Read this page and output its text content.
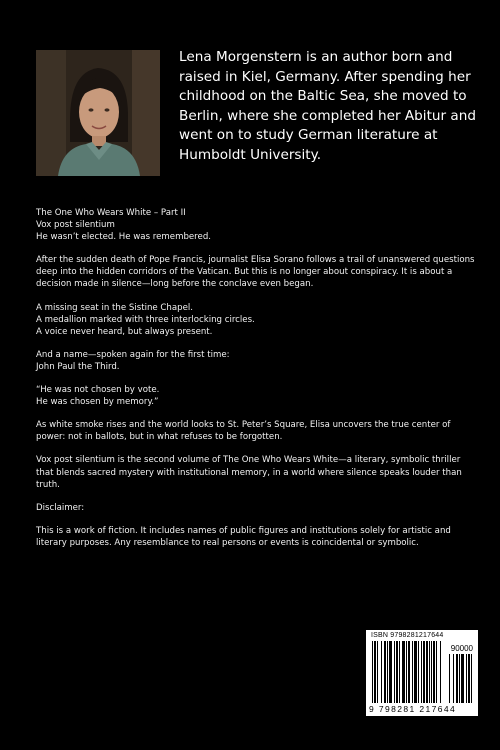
Lena Morgenstern is an author born and raised in Kiel, Germany. After spending her childhood on the Baltic Sea, she moved to Berlin, where she completed her Abitur and went on to study German literature at Humboldt University.

The One Who Wears White – Part II
Vox post silentium
He wasn’t elected. He was remembered.

After the sudden death of Pope Francis, journalist Elisa Sorano follows a trail of unanswered questions deep into the hidden corridors of the Vatican. But this is no longer about conspiracy. It is about a decision made in silence—long before the conclave even began.

A missing seat in the Sistine Chapel.
A medallion marked with three interlocking circles.
A voice never heard, but always present.

And a name—spoken again for the first time:
John Paul the Third.

“He was not chosen by vote.
He was chosen by memory.”

As white smoke rises and the world looks to St. Peter’s Square, Elisa uncovers the true center of power: not in ballots, but in what refuses to be forgotten.

Vox post silentium is the second volume of The One Who Wears White—a literary, symbolic thriller that blends sacred mystery with institutional memory, in a world where silence speaks louder than truth.

Disclaimer:

This is a work of fiction. It includes names of public figures and institutions solely for artistic and literary purposes. Any resemblance to real persons or events is coincidental or symbolic.

ISBN 9798281217644
90000
9 798281 217644
